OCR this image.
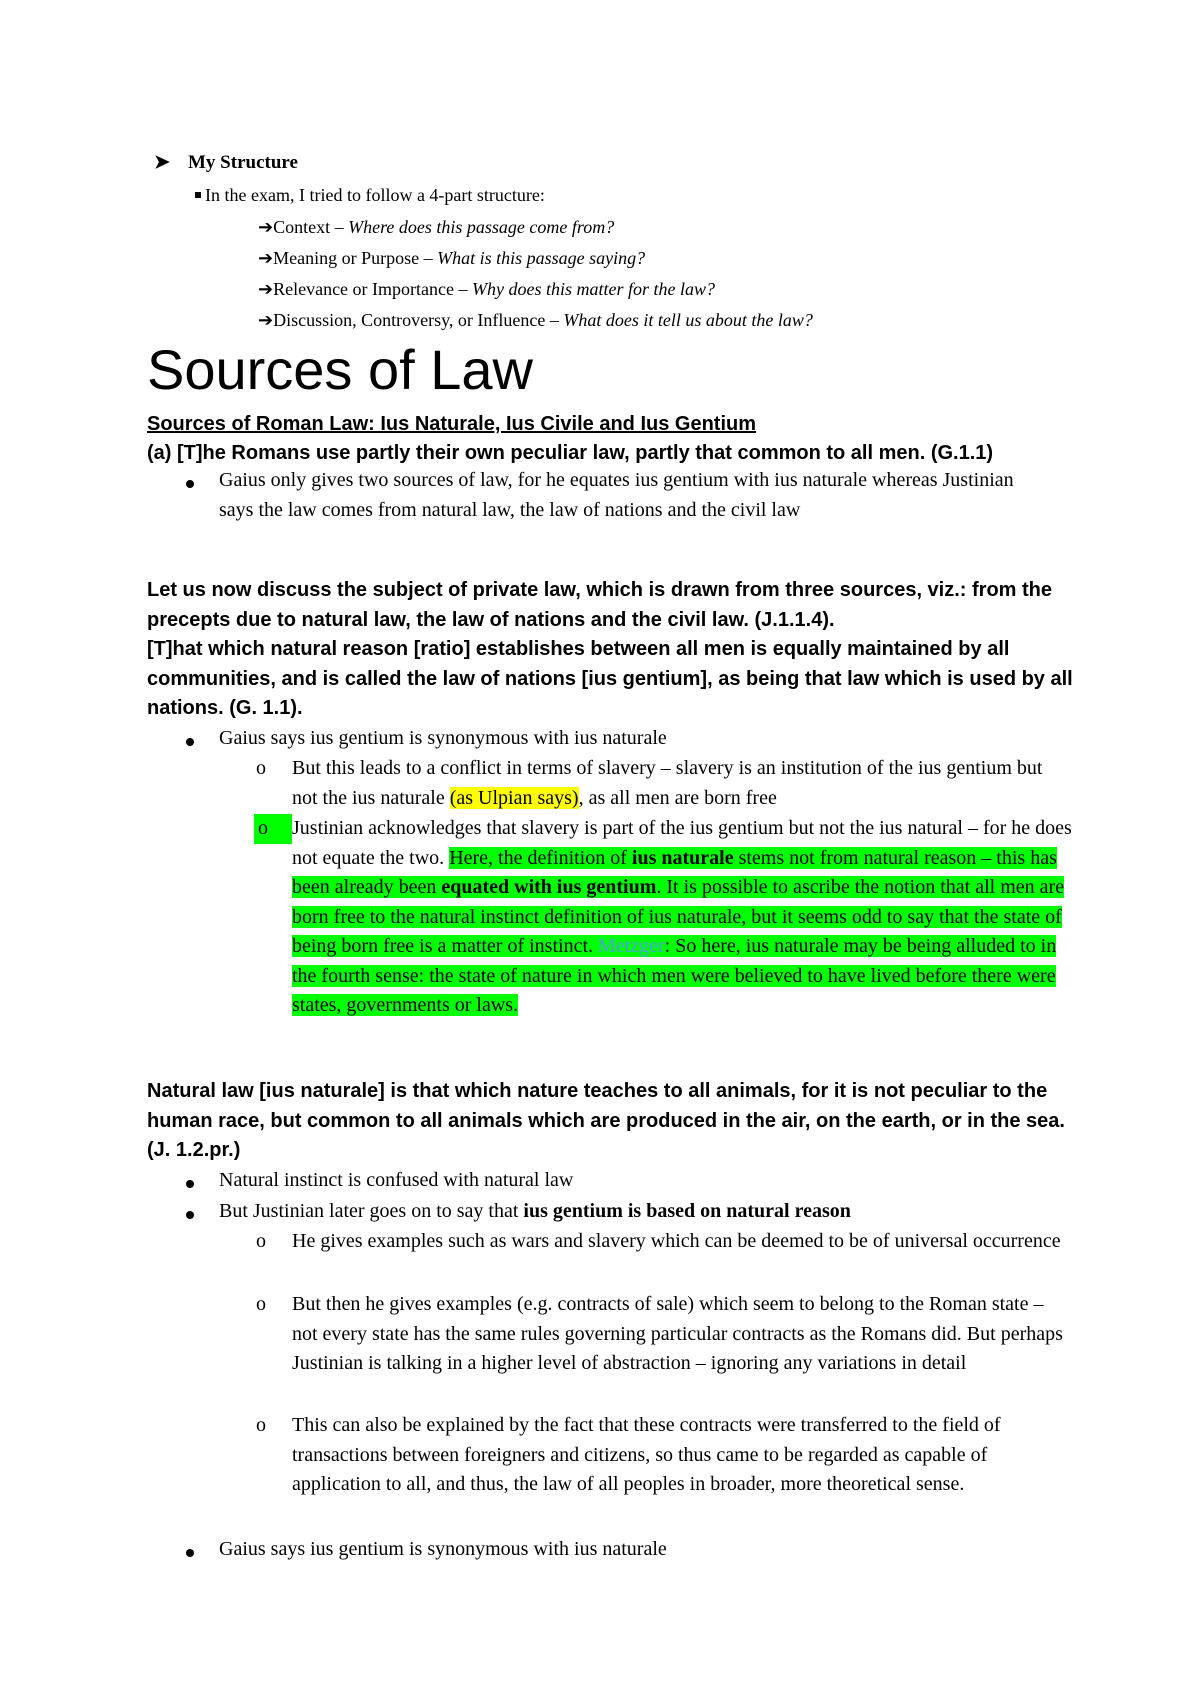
➤ My Structure
In the exam, I tried to follow a 4-part structure:
➔Context – Where does this passage come from?
➔Meaning or Purpose – What is this passage saying?
➔Relevance or Importance – Why does this matter for the law?
➔Discussion, Controversy, or Influence – What does it tell us about the law?
Sources of Law
Sources of Roman Law: Ius Naturale, Ius Civile and Ius Gentium
(a) [T]he Romans use partly their own peculiar law, partly that common to all men. (G.1.1)
Gaius only gives two sources of law, for he equates ius gentium with ius naturale whereas Justinian says the law comes from natural law, the law of nations and the civil law
Let us now discuss the subject of private law, which is drawn from three sources, viz.: from the precepts due to natural law, the law of nations and the civil law. (J.1.1.4).
[T]hat which natural reason [ratio] establishes between all men is equally maintained by all communities, and is called the law of nations [ius gentium], as being that law which is used by all nations. (G. 1.1).
Gaius says ius gentium is synonymous with ius naturale
o But this leads to a conflict in terms of slavery – slavery is an institution of the ius gentium but not the ius naturale (as Ulpian says), as all men are born free
o	Justinian acknowledges that slavery is part of the ius gentium but not the ius natural – for he does not equate the two. Here, the definition of ius naturale stems not from natural reason – this has been already been equated with ius gentium. It is possible to ascribe the notion that all men are born free to the natural instinct definition of ius naturale, but it seems odd to say that the state of being born free is a matter of instinct. Metzger: So here, ius naturale may be being alluded to in the fourth sense: the state of nature in which men were believed to have lived before there were states, governments or laws.
Natural law [ius naturale] is that which nature teaches to all animals, for it is not peculiar to the human race, but common to all animals which are produced in the air, on the earth, or in the sea. (J. 1.2.pr.)
Natural instinct is confused with natural law
But Justinian later goes on to say that ius gentium is based on natural reason
o He gives examples such as wars and slavery which can be deemed to be of universal occurrence
o But then he gives examples (e.g. contracts of sale) which seem to belong to the Roman state – not every state has the same rules governing particular contracts as the Romans did. But perhaps Justinian is talking in a higher level of abstraction – ignoring any variations in detail
o This can also be explained by the fact that these contracts were transferred to the field of transactions between foreigners and citizens, so thus came to be regarded as capable of application to all, and thus, the law of all peoples in broader, more theoretical sense.
Gaius says ius gentium is synonymous with ius naturale
